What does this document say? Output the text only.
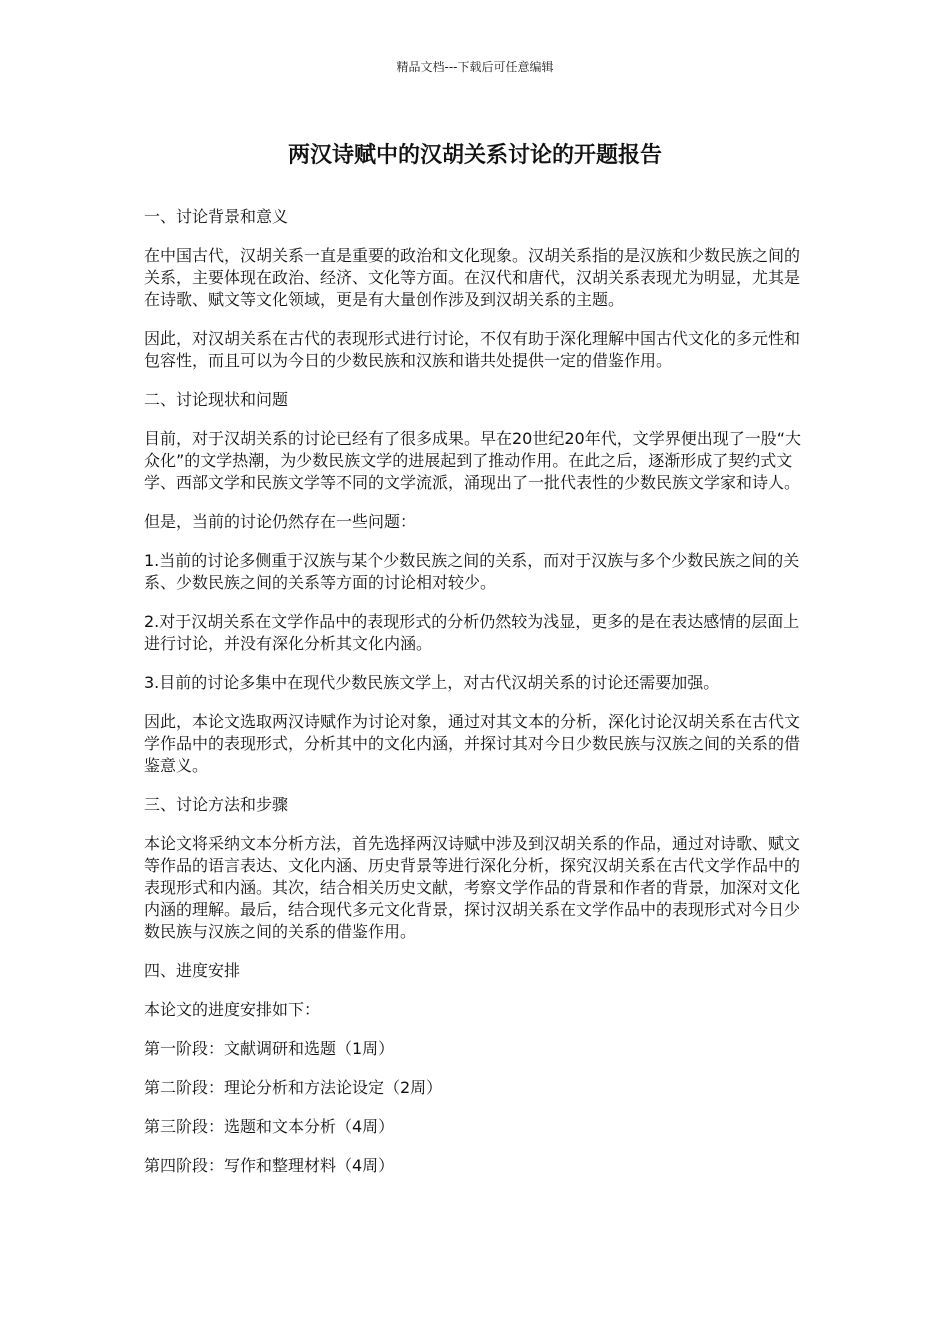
精品文档---下载后可任意编辑
两汉诗赋中的汉胡关系讨论的开题报告
一、讨论背景和意义

在中国古代，汉胡关系一直是重要的政治和文化现象。汉胡关系指的是汉族和少数民族之间的关系，主要体现在政治、经济、文化等方面。在汉代和唐代，汉胡关系表现尤为明显，尤其是在诗歌、赋文等文化领域，更是有大量创作涉及到汉胡关系的主题。

因此，对汉胡关系在古代的表现形式进行讨论，不仅有助于深化理解中国古代文化的多元性和包容性，而且可以为今日的少数民族和汉族和谐共处提供一定的借鉴作用。

二、讨论现状和问题

目前，对于汉胡关系的讨论已经有了很多成果。早在20世纪20年代，文学界便出现了一股“大众化”的文学热潮，为少数民族文学的进展起到了推动作用。在此之后，逐渐形成了契约式文学、西部文学和民族文学等不同的文学流派，涌现出了一批代表性的少数民族文学家和诗人。

但是，当前的讨论仍然存在一些问题：

1.当前的讨论多侧重于汉族与某个少数民族之间的关系，而对于汉族与多个少数民族之间的关系、少数民族之间的关系等方面的讨论相对较少。

2.对于汉胡关系在文学作品中的表现形式的分析仍然较为浅显，更多的是在表达感情的层面上进行讨论，并没有深化分析其文化内涵。

3.目前的讨论多集中在现代少数民族文学上，对古代汉胡关系的讨论还需要加强。

因此，本论文选取两汉诗赋作为讨论对象，通过对其文本的分析，深化讨论汉胡关系在古代文学作品中的表现形式，分析其中的文化内涵，并探讨其对今日少数民族与汉族之间的关系的借鉴意义。

三、讨论方法和步骤

本论文将采纳文本分析方法，首先选择两汉诗赋中涉及到汉胡关系的作品，通过对诗歌、赋文等作品的语言表达、文化内涵、历史背景等进行深化分析，探究汉胡关系在古代文学作品中的表现形式和内涵。其次，结合相关历史文献，考察文学作品的背景和作者的背景，加深对文化内涵的理解。最后，结合现代多元文化背景，探讨汉胡关系在文学作品中的表现形式对今日少数民族与汉族之间的关系的借鉴作用。

四、进度安排

本论文的进度安排如下：

第一阶段：文献调研和选题（1周）

第二阶段：理论分析和方法论设定（2周）

第三阶段：选题和文本分析（4周）

第四阶段：写作和整理材料（4周）
